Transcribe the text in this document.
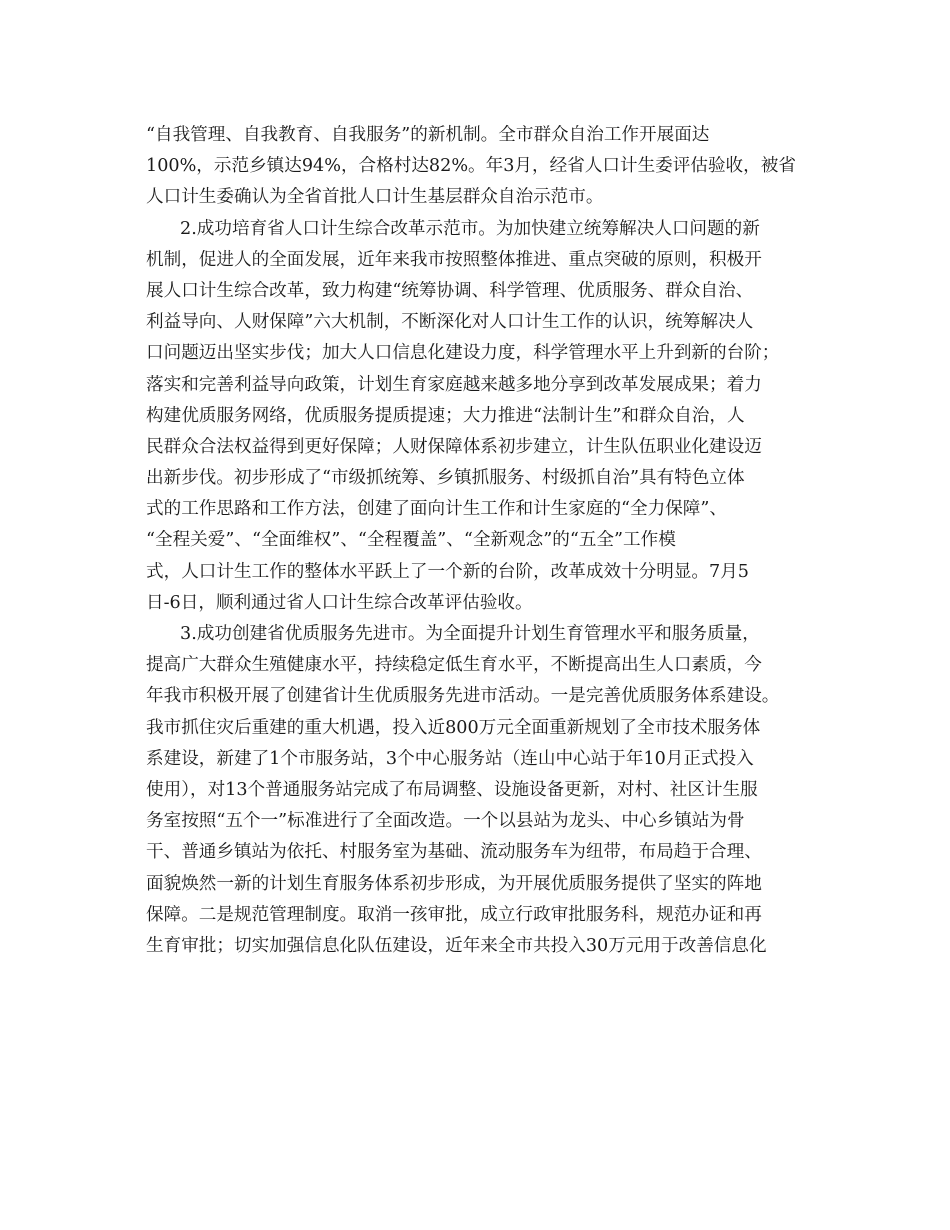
“自我管理、自我教育、自我服务”的新机制。全市群众自治工作开展面达

100%，示范乡镇达94%，合格村达82%。年3月，经省人口计生委评估验收，被省

人口计生委确认为全省首批人口计生基层群众自治示范市。

2.成功培育省人口计生综合改革示范市。为加快建立统筹解决人口问题的新

机制，促进人的全面发展，近年来我市按照整体推进、重点突破的原则，积极开

展人口计生综合改革，致力构建“统筹协调、科学管理、优质服务、群众自治、

利益导向、人财保障”六大机制，不断深化对人口计生工作的认识，统筹解决人

口问题迈出坚实步伐；加大人口信息化建设力度，科学管理水平上升到新的台阶；

落实和完善利益导向政策，计划生育家庭越来越多地分享到改革发展成果；着力

构建优质服务网络，优质服务提质提速；大力推进“法制计生”和群众自治，人

民群众合法权益得到更好保障；人财保障体系初步建立，计生队伍职业化建设迈

出新步伐。初步形成了“市级抓统筹、乡镇抓服务、村级抓自治”具有特色立体

式的工作思路和工作方法，创建了面向计生工作和计生家庭的“全力保障”、

“全程关爱”、“全面维权”、“全程覆盖”、“全新观念”的“五全”工作模

式，人口计生工作的整体水平跃上了一个新的台阶，改革成效十分明显。7月5

日-6日，顺利通过省人口计生综合改革评估验收。

3.成功创建省优质服务先进市。为全面提升计划生育管理水平和服务质量，

提高广大群众生殖健康水平，持续稳定低生育水平，不断提高出生人口素质，今

年我市积极开展了创建省计生优质服务先进市活动。一是完善优质服务体系建设。

我市抓住灾后重建的重大机遇，投入近800万元全面重新规划了全市技术服务体

系建设，新建了1个市服务站，3个中心服务站（连山中心站于年10月正式投入

使用），对13个普通服务站完成了布局调整、设施设备更新，对村、社区计生服

务室按照“五个一”标准进行了全面改造。一个以县站为龙头、中心乡镇站为骨

干、普通乡镇站为依托、村服务室为基础、流动服务车为纽带，布局趋于合理、

面貌焕然一新的计划生育服务体系初步形成，为开展优质服务提供了坚实的阵地

保障。二是规范管理制度。取消一孩审批，成立行政审批服务科，规范办证和再

生育审批；切实加强信息化队伍建设，近年来全市共投入30万元用于改善信息化
